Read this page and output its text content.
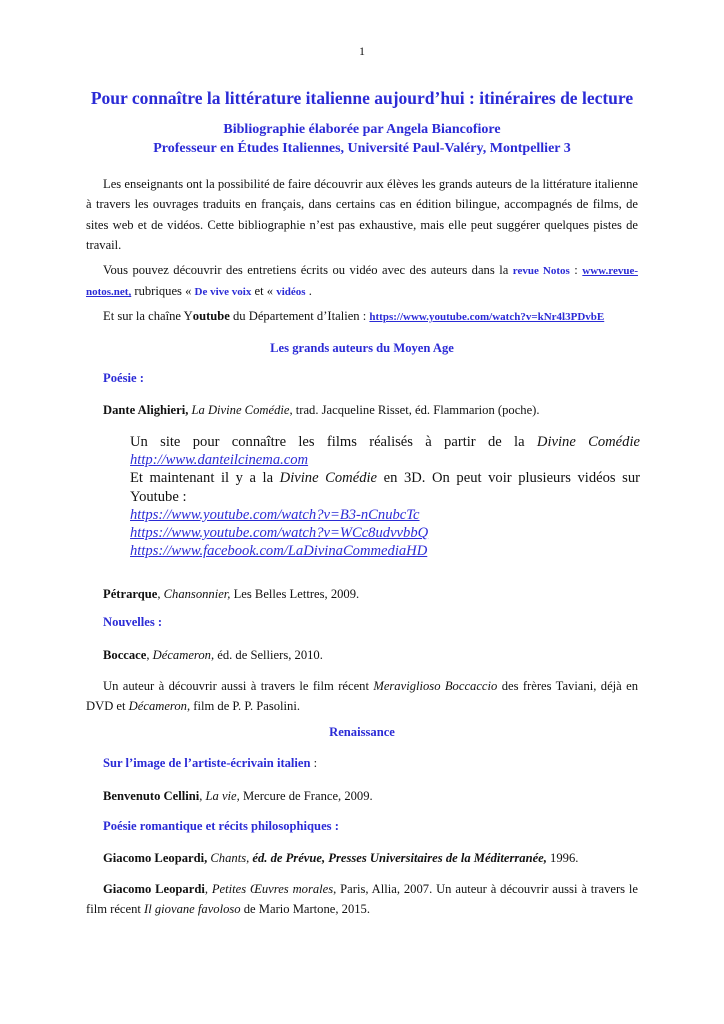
1
Pour connaître la littérature italienne aujourd’hui : itinéraires de lecture
Bibliographie élaborée par Angela Biancofiore
Professeur en Études Italiennes, Université Paul-Valéry, Montpellier 3
Les enseignants ont la possibilité de faire découvrir aux élèves les grands auteurs de la littérature italienne à travers les ouvrages traduits en français, dans certains cas en édition bilingue, accompagnés de films, de sites web et de vidéos. Cette bibliographie n’est pas exhaustive, mais elle peut suggérer quelques pistes de travail.
Vous pouvez découvrir des entretiens écrits ou vidéo avec des auteurs dans la revue Notos : www.revue-notos.net, rubriques « De vive voix et « vidéos .
Et sur la chaîne Youtube du Département d’Italien : https://www.youtube.com/watch?v=kNr4l3PDvbE
Les grands auteurs du Moyen Age
Poésie :
Dante Alighieri, La Divine Comédie, trad. Jacqueline Risset, éd. Flammarion (poche).
Un site pour connaître les films réalisés à partir de la Divine Comédie http://www.danteilcinema.com
Et maintenant il y a la Divine Comédie en 3D. On peut voir plusieurs vidéos sur Youtube :
https://www.youtube.com/watch?v=B3-nCnubcTc
https://www.youtube.com/watch?v=WCc8udvvbbQ
https://www.facebook.com/LaDivinaCommediaHD
Pétrarque, Chansonnier, Les Belles Lettres, 2009.
Nouvelles :
Boccace, Décameron, éd. de Selliers, 2010.
Un auteur à découvrir aussi à travers le film récent Meraviglioso Boccaccio des frères Taviani, déjà en DVD et Décameron, film de P. P. Pasolini.
Renaissance
Sur l’image de l’artiste-écrivain italien :
Benvenuto Cellini, La vie, Mercure de France, 2009.
Poésie romantique et récits philosophiques :
Giacomo Leopardi, Chants, éd. de Prévue, Presses Universitaires de la Méditerranée, 1996.
Giacomo Leopardi, Petites Œuvres morales, Paris, Allia, 2007. Un auteur à découvrir aussi à travers le film récent Il giovane favoloso de Mario Martone, 2015.
